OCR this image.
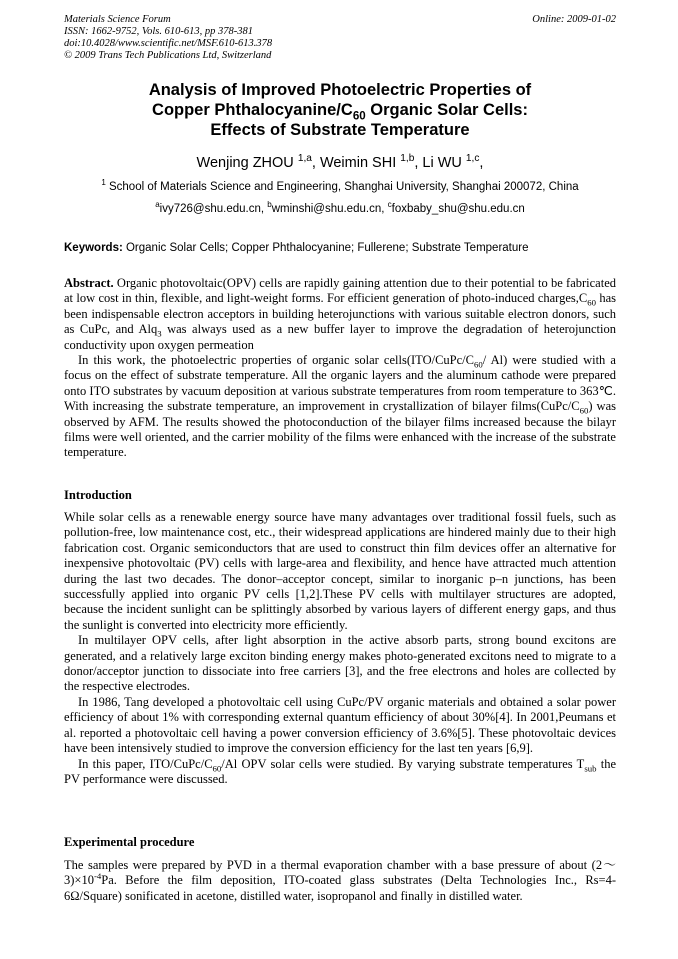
Materials Science Forum
ISSN: 1662-9752, Vols. 610-613, pp 378-381
doi:10.4028/www.scientific.net/MSF.610-613.378
© 2009 Trans Tech Publications Ltd, Switzerland
Online: 2009-01-02
Analysis of Improved Photoelectric Properties of
Copper Phthalocyanine/$C_{60}$ Organic Solar Cells:
Effects of Substrate Temperature
Wenjing ZHOU $^{1,a}$, Weimin SHI $^{1,b}$, Li WU $^{1,c}$,
$^1$ School of Materials Science and Engineering, Shanghai University, Shanghai 200072, China
$^a$ivy726@shu.edu.cn, $^b$wminshi@shu.edu.cn, $^c$foxbaby_shu@shu.edu.cn
Keywords: Organic Solar Cells; Copper Phthalocyanine; Fullerene; Substrate Temperature

Abstract. Organic photovoltaic(OPV) cells are rapidly gaining attention due to their potential to be fabricated at low cost in thin, flexible, and light-weight forms. For efficient generation of photo-induced $charges,C_{60}$ has been indispensable electron acceptors in building heterojunctions with various suitable electron donors, such as CuPc, and Alq$_3$ was always used as a new buffer layer to improve the degradation of heterojunction conductivity upon oxygen permeation

In this work, the photoelectric properties of organic solar $cells(ITO/CuPc/C_{60}/$ Al) were studied with a focus on the effect of substrate temperature. All the organic layers and the aluminum cathode were prepared onto ITO substrates by vacuum deposition at various substrate temperatures from room temperature to 363℃. With increasing the substrate temperature, an improvement in crystallization of bilayer $films(CuPc/C_{60})$ was observed by AFM. The results showed the photoconduction of the bilayer films increased because the bilayr films were well oriented, and the carrier mobility of the films were enhanced with the increase of the substrate temperature.

Introduction

While solar cells as a renewable energy source have many advantages over traditional fossil fuels, such as pollution-free, low maintenance cost, etc., their widespread applications are hindered mainly due to their high fabrication cost. Organic semiconductors that are used to construct thin film devices offer an alternative for inexpensive photovoltaic (PV) cells with large-area and flexibility, and hence have attracted much attention during the last two decades. The donor–acceptor concept, similar to inorganic p–n junctions, has been successfully applied into organic PV cells [1,2].These PV cells with multilayer structures are adopted, because the incident sunlight can be splittingly absorbed by various layers of different energy gaps, and thus the sunlight is converted into electricity more efficiently.

In multilayer OPV cells, after light absorption in the active absorb parts, strong bound excitons are generated, and a relatively large exciton binding energy makes photo-generated excitons need to migrate to a donor/acceptor junction to dissociate into free carriers [3], and the free electrons and holes are collected by the respective electrodes.

In 1986, Tang developed a photovoltaic cell using CuPc/PV organic materials and obtained a solar power efficiency of about 1% with corresponding external quantum efficiency of about 30%[4]. In 2001,Peumans et al. reported a photovoltaic cell having a power conversion efficiency of 3.6%[5]. These photovoltaic devices have been intensively studied to improve the conversion efficiency for the last ten years [6,9].

In this paper, ITO/$CuPc/C_{60}/Al$ OPV solar cells were studied. By varying substrate temperatures $T_{sub}$ the PV performance were discussed.

Experimental procedure

The samples were prepared by PVD in a thermal evaporation chamber with a base pressure of about $(2\sim 3)\times 10^{-4}Pa$. Before the film deposition, ITO-coated glass substrates (Delta Technologies Inc., Rs=4-6Ω/Square) sonificated in acetone, distilled water, isopropanol and finally in distilled water.
